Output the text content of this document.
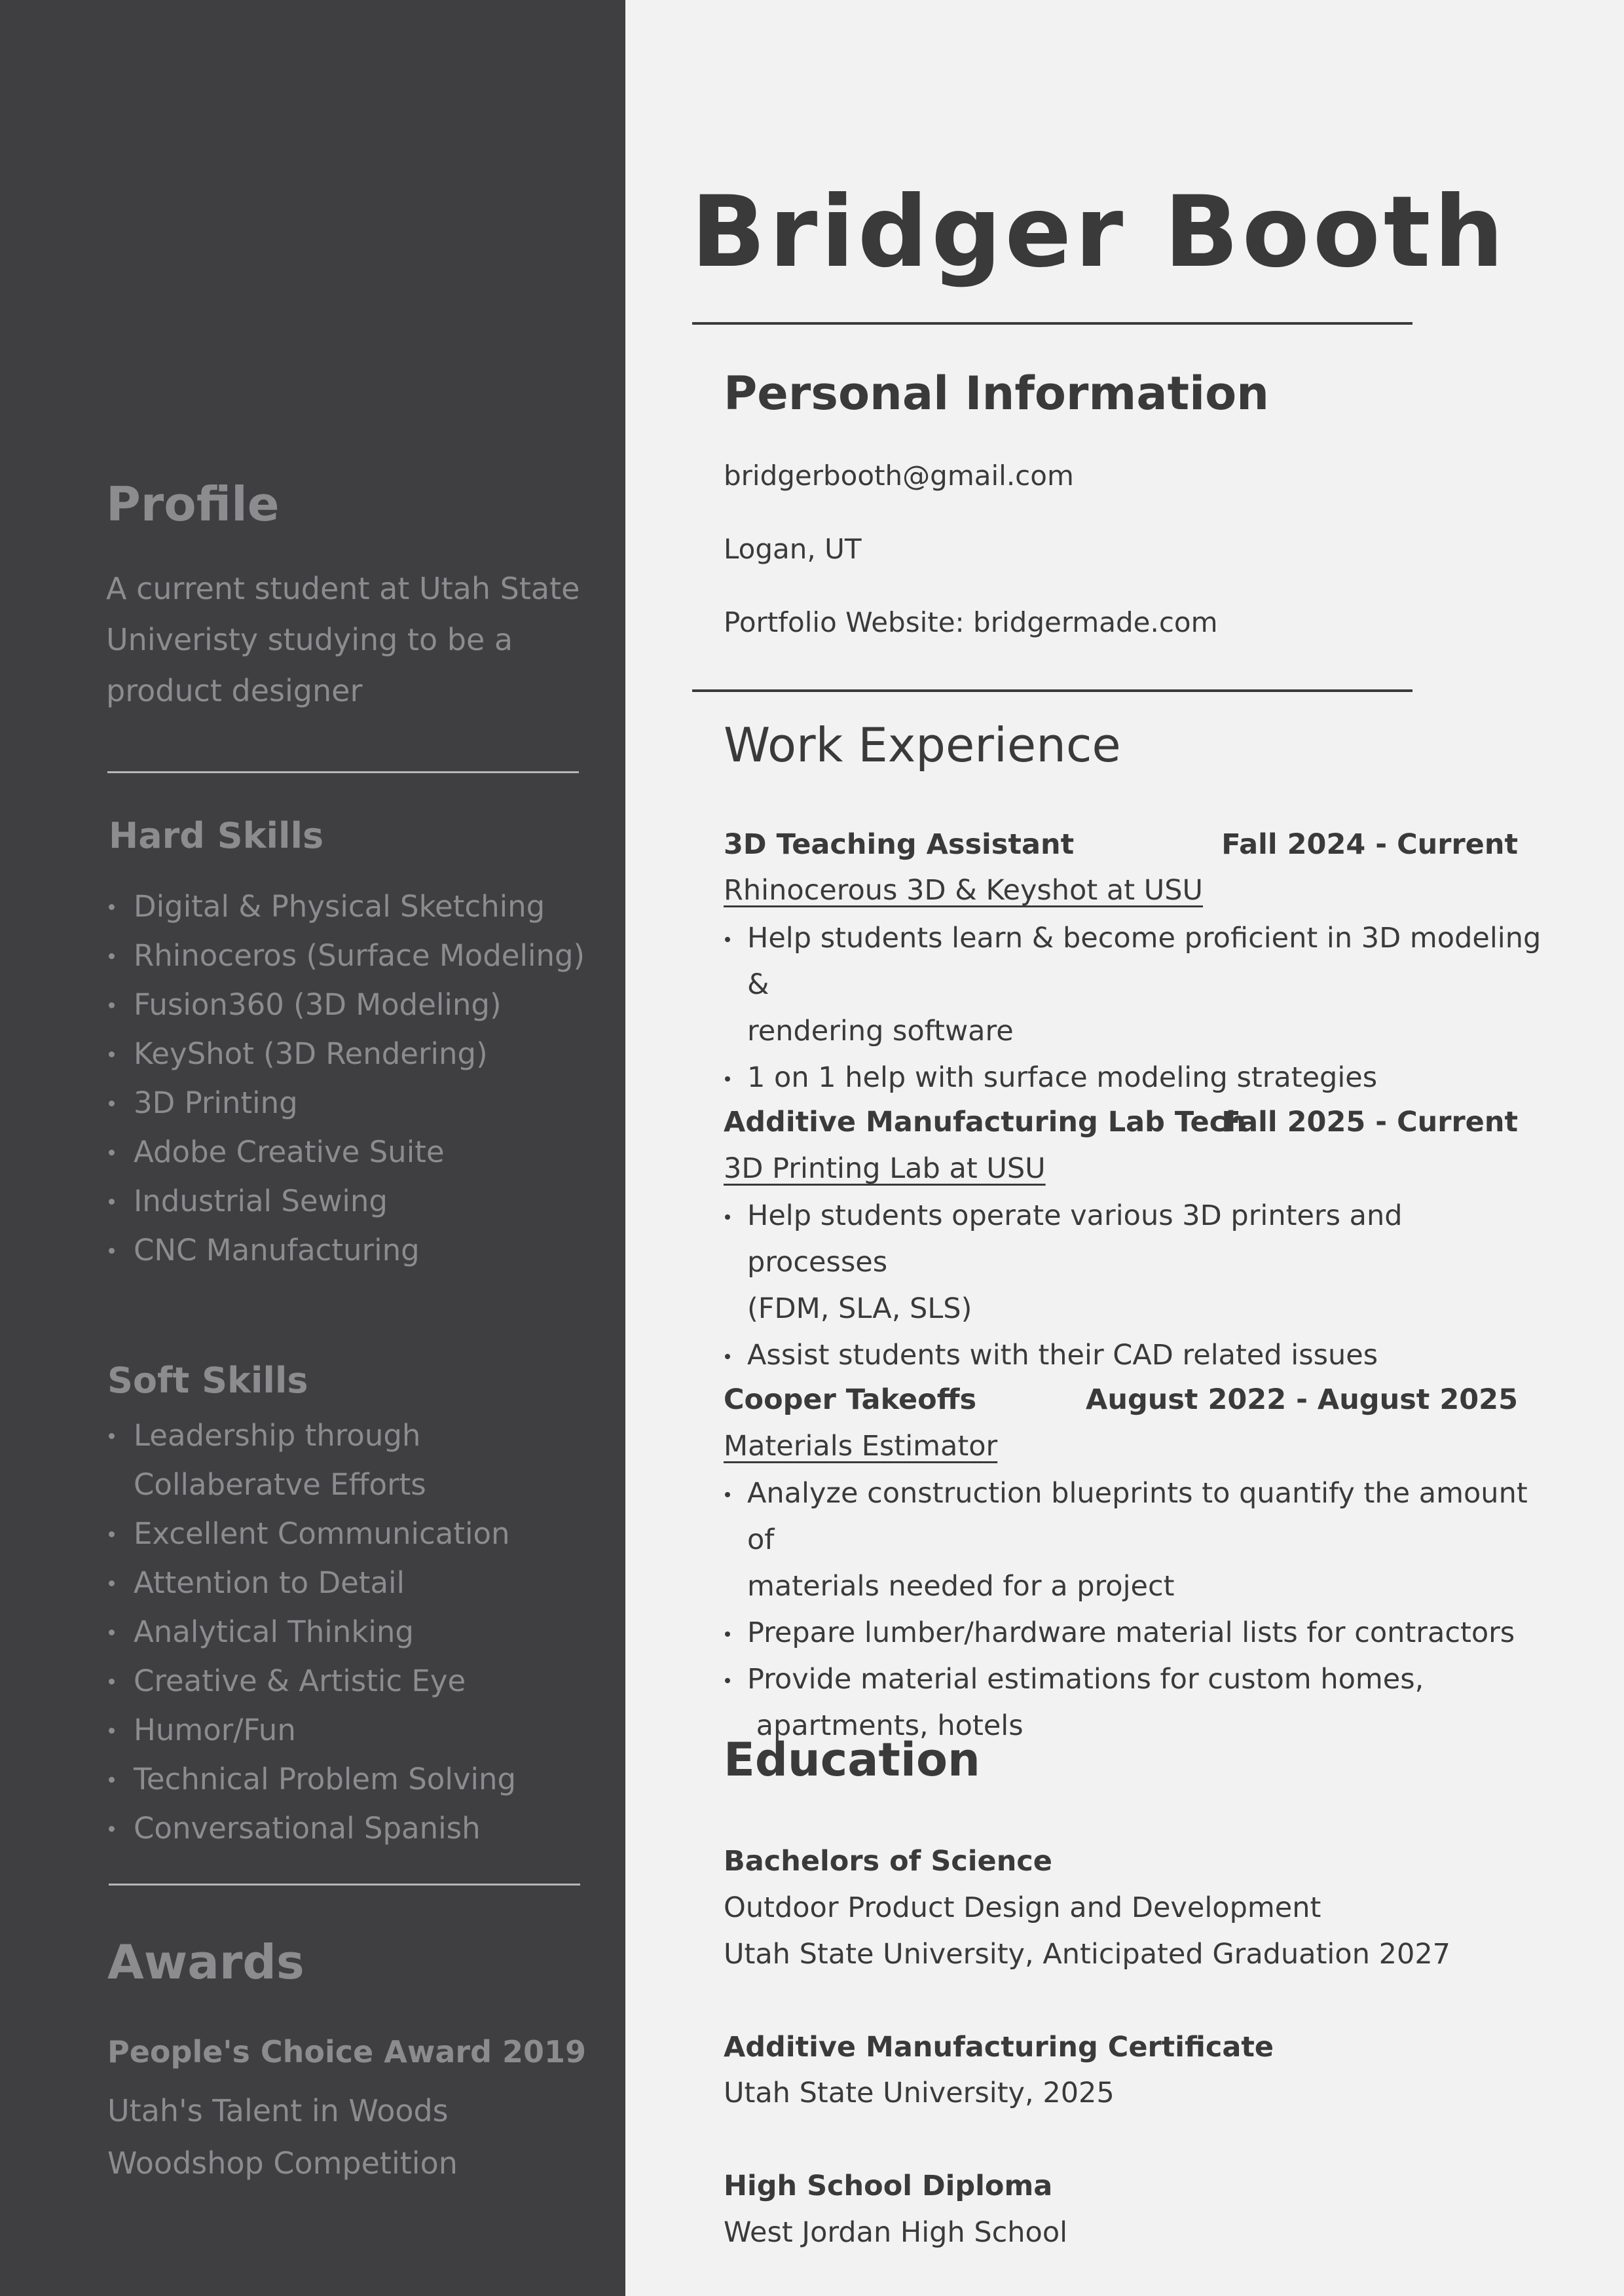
Profile
A current student at Utah State
Univeristy studying to be a
product designer
Hard Skills
Digital & Physical Sketching
Rhinoceros (Surface Modeling)
Fusion360 (3D Modeling)
KeyShot (3D Rendering)
3D Printing
Adobe Creative Suite
Industrial Sewing
CNC Manufacturing
Soft Skills
Leadership through
Collaberatve Efforts
Excellent Communication
Attention to Detail
Analytical Thinking
Creative & Artistic Eye
Humor/Fun
Technical Problem Solving
Conversational Spanish
Awards
People's Choice Award 2019
Utah's Talent in Woods
Woodshop Competition
Bridger Booth
Personal Information
bridgerbooth@gmail.com
Logan, UT
Portfolio Website: bridgermade.com
Work Experience
3D Teaching Assistant	Fall 2024 - Current
Rhinocerous 3D & Keyshot at USU
Help students learn & become proficient in 3D modeling &
rendering software
1 on 1 help with surface modeling strategies
Additive Manufacturing Lab Tech
Fall 2025 - Current
3D Printing Lab at USU
Help students operate various 3D printers and processes
(FDM, SLA, SLS)
Assist students with their CAD related issues
Cooper Takeoffs	August 2022 - August 2025
Materials Estimator
Analyze construction blueprints to quantify the amount of
materials needed for a project
Prepare lumber/hardware material lists for contractors
Provide material estimations for custom homes,
apartments, hotels
Education
Bachelors of Science
Outdoor Product Design and Development
Utah State University, Anticipated Graduation 2027
Additive Manufacturing Certificate
Utah State University, 2025
High School Diploma
West Jordan High School
